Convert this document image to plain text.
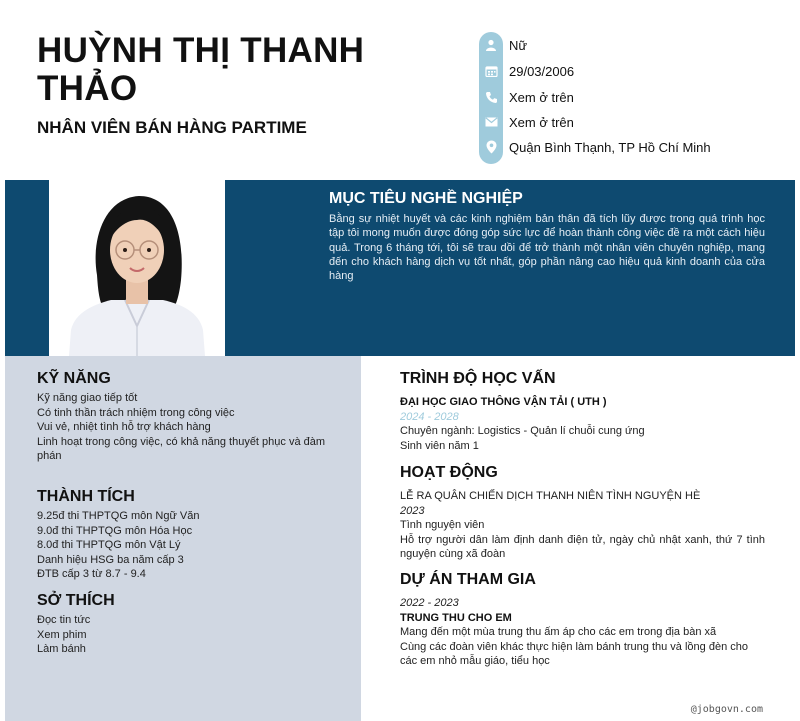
HUỲNH THỊ THANH THẢO
NHÂN VIÊN BÁN HÀNG PARTIME
Nữ
29/03/2006
Xem ở trên
Xem ở trên
Quận Bình Thạnh, TP Hồ Chí Minh
MỤC TIÊU NGHỀ NGHIỆP
Bằng sự nhiệt huyết và các kinh nghiệm bản thân đã tích lũy được trong quá trình học tập tôi mong muốn được đóng góp sức lực để hoàn thành công việc đề ra một cách hiệu quả. Trong 6 tháng tới, tôi sẽ trau dồi để trở thành một nhân viên chuyên nghiệp, mang đến cho khách hàng dịch vụ tốt nhất, góp phần nâng cao hiệu quả kinh doanh của cửa hàng
KỸ NĂNG
Kỹ năng giao tiếp tốt
Có tinh thần trách nhiệm trong công việc
Vui vẻ, nhiệt tình hỗ trợ khách hàng
Linh hoạt trong công việc, có khả năng thuyết phục và đàm phán
THÀNH TÍCH
9.25đ thi THPTQG môn Ngữ Văn
9.0đ thi THPTQG môn Hóa Học
8.0đ thi THPTQG môn Vật Lý
Danh hiệu HSG ba năm cấp 3
ĐTB cấp 3 từ 8.7 - 9.4
SỞ THÍCH
Đọc tin tức
Xem phim
Làm bánh
TRÌNH ĐỘ HỌC VẤN
ĐẠI HỌC GIAO THÔNG VẬN TẢI ( UTH )
2024 - 2028
Chuyên ngành: Logistics - Quản lí chuỗi cung ứng
Sinh viên năm 1
HOẠT ĐỘNG
LỄ RA QUÂN CHIẾN DỊCH THANH NIÊN TÌNH NGUYỆN HÈ
2023
Tình nguyện viên
Hỗ trợ người dân làm định danh điện tử, ngày chủ nhật xanh, thứ 7 tình nguyện cùng xã đoàn
DỰ ÁN THAM GIA
2022 - 2023
TRUNG THU CHO EM
Mang đến một mùa trung thu ấm áp cho các em trong địa bàn xã
Cùng các đoàn viên khác thực hiện làm bánh trung thu và lồng đèn cho các em nhỏ mẫu giáo, tiểu học
@jobgovn.com
